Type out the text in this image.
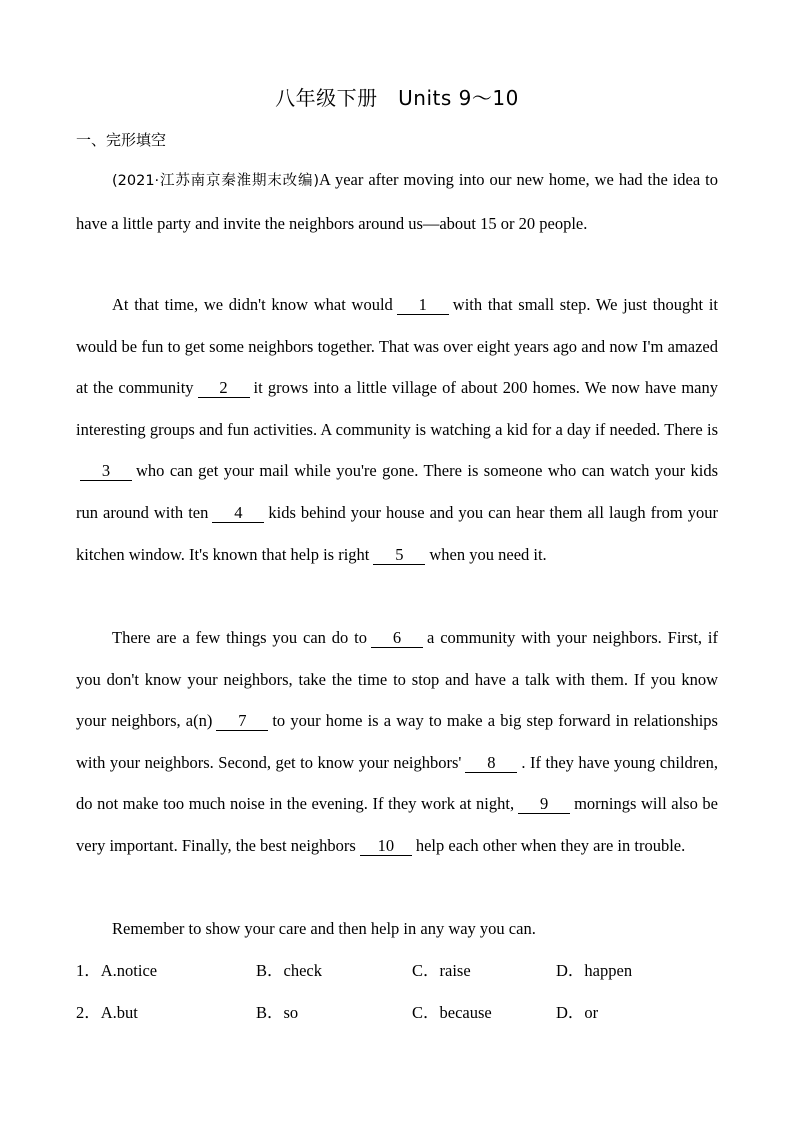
八年级下册　Units 9～10
一、完形填空

(2021·江苏南京秦淮期末改编)A year after moving into our new home, we had the idea to have a little party and invite the neighbors around us—about 15 or 20 people.

At that time, we didn't know what would 1 with that small step. We just thought it would be fun to get some neighbors together. That was over eight years ago and now I'm amazed at the community 2 it grows into a little village of about 200 homes. We now have many interesting groups and fun activities. A community is watching a kid for a day if needed. There is3 who can get your mail while you're gone. There is someone who can watch your kids run around with ten 4 kids behind your house and you can hear them all laugh from your kitchen window. It's known that help is right 5 when you need it.

There are a few things you can do to 6 a community with your neighbors. First, if you don't know your neighbors, take the time to stop and have a talk with them. If you know your neighbors, a(n) 7 to your home is a way to make a big step forward in relationships with your neighbors. Second, get to know your neighbors' 8 . If they have young children, do not make too much noise in the evening. If they work at night, 9 mornings will also be very important. Finally, the best neighbors 10 help each other when they are in trouble.

Remember to show your care and then help in any way you can.

1．A.notice	B．check	C．raise	D．happen
2．A.but	B．so	C．because	D．or
